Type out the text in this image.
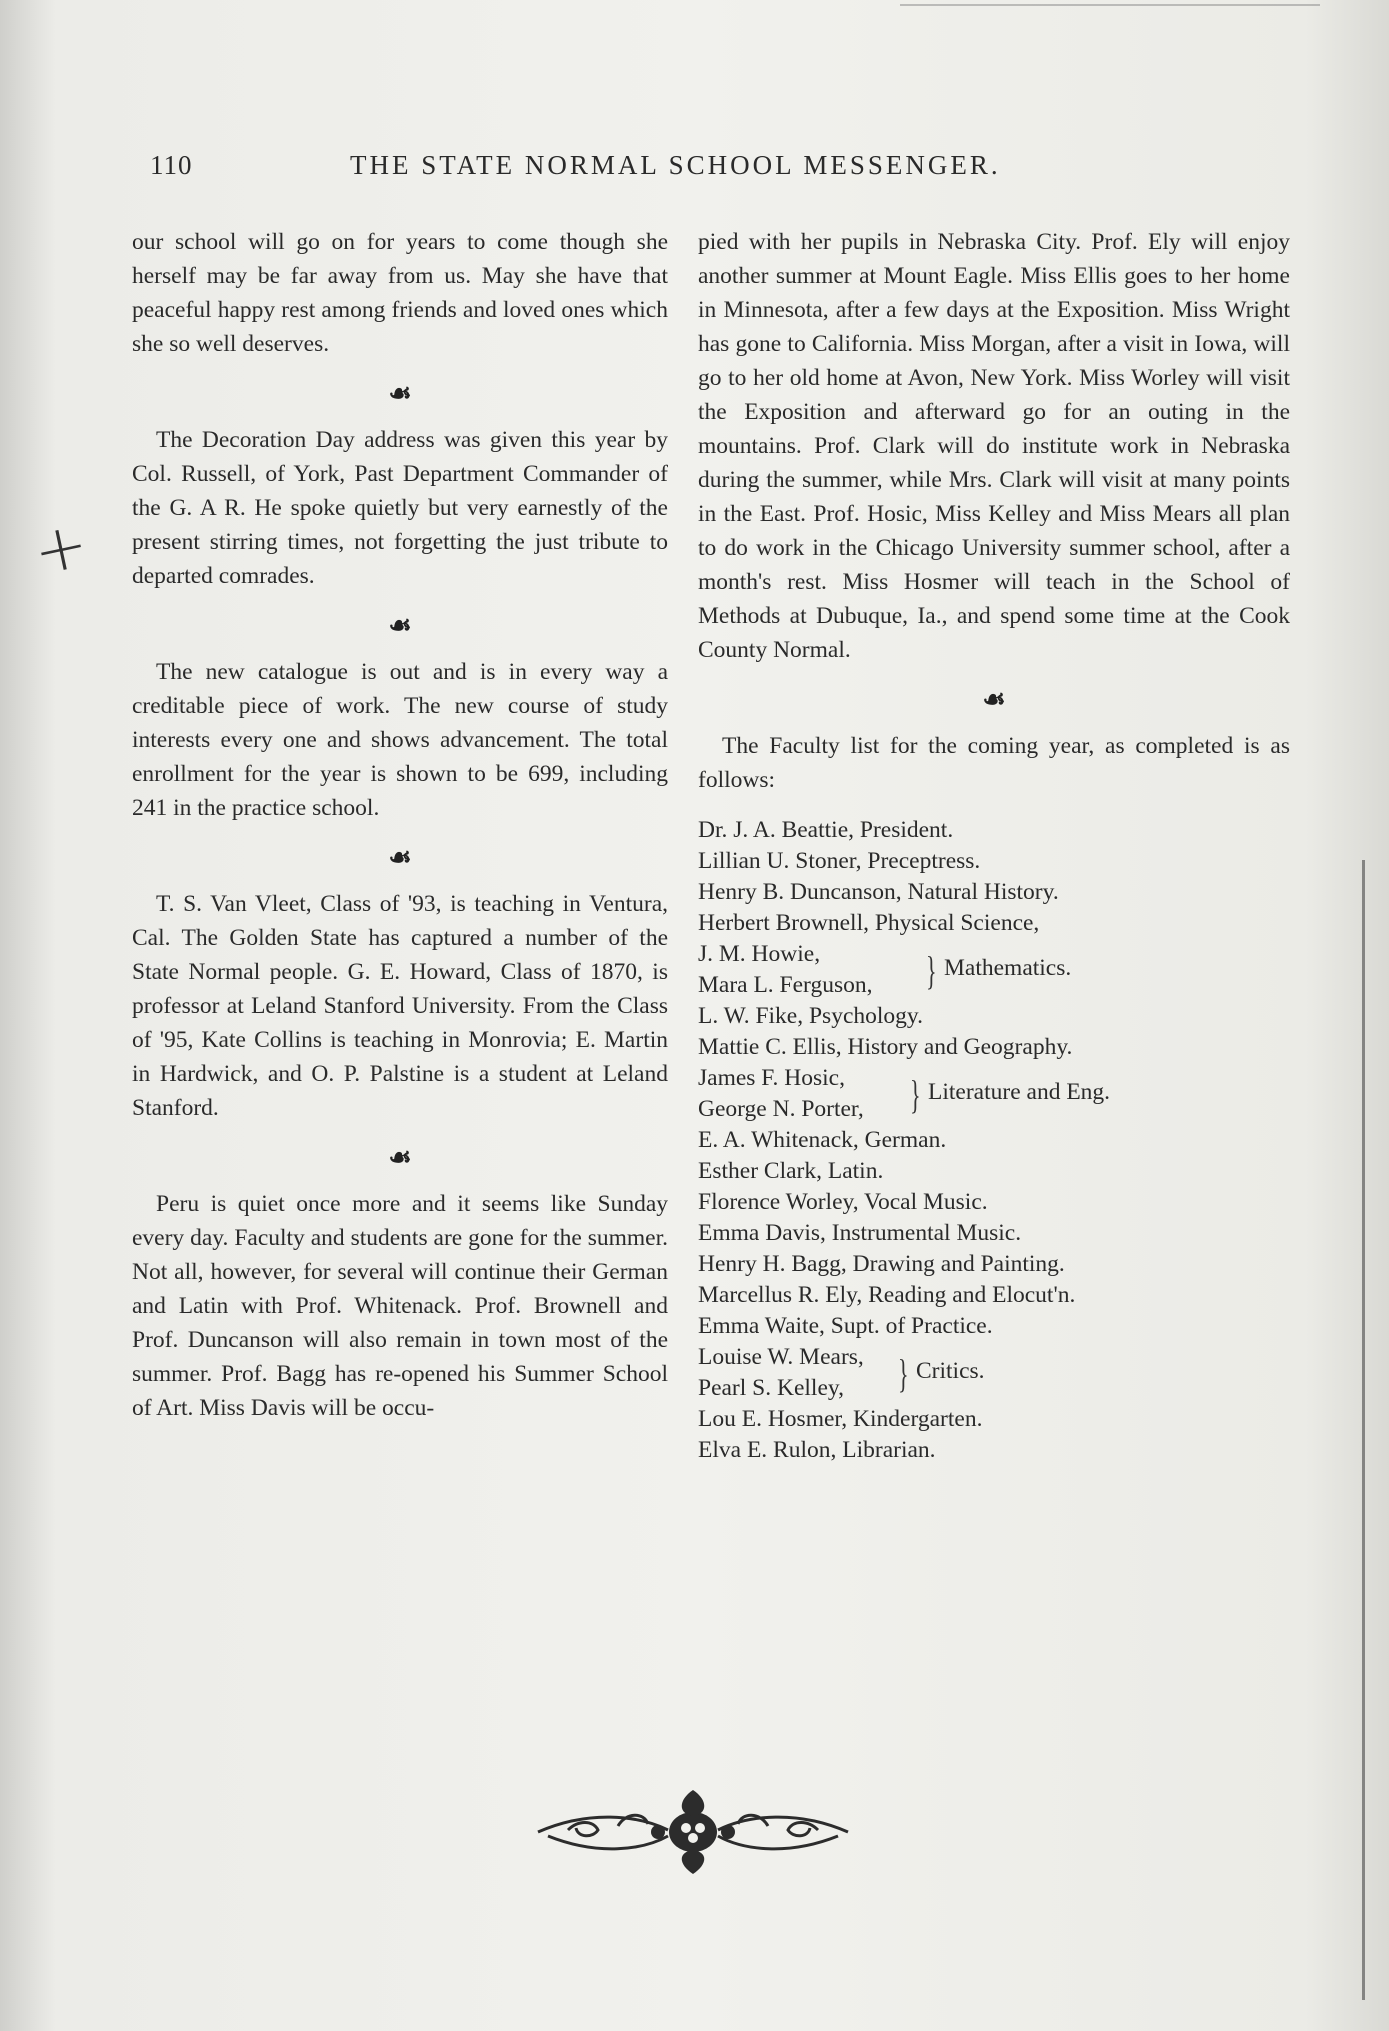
110	THE STATE NORMAL SCHOOL MESSENGER.
+

our school will go on for years to come though she herself may be far away from us. May she have that peaceful happy rest among friends and loved ones which she so well deserves.

☙

The Decoration Day address was given this year by Col. Russell, of York, Past Department Commander of the G. A R. He spoke quietly but very earnestly of the present stirring times, not forgetting the just tribute to departed comrades.

☙

The new catalogue is out and is in every way a creditable piece of work. The new course of study interests every one and shows advancement. The total enrollment for the year is shown to be 699, including 241 in the practice school.

☙

T. S. Van Vleet, Class of '93, is teaching in Ventura, Cal. The Golden State has captured a number of the State Normal people. G. E. Howard, Class of 1870, is professor at Leland Stanford University. From the Class of '95, Kate Collins is teaching in Monrovia; E. Martin in Hardwick, and O. P. Palstine is a student at Leland Stanford.

☙

Peru is quiet once more and it seems like Sunday every day. Faculty and students are gone for the summer. Not all, however, for several will continue their German and Latin with Prof. Whitenack. Prof. Brownell and Prof. Duncanson will also remain in town most of the summer. Prof. Bagg has re-opened his Summer School of Art. Miss Davis will be occu-

pied with her pupils in Nebraska City. Prof. Ely will enjoy another summer at Mount Eagle. Miss Ellis goes to her home in Minnesota, after a few days at the Exposition. Miss Wright has gone to California. Miss Morgan, after a visit in Iowa, will go to her old home at Avon, New York. Miss Worley will visit the Exposition and afterward go for an outing in the mountains. Prof. Clark will do institute work in Nebraska during the summer, while Mrs. Clark will visit at many points in the East. Prof. Hosic, Miss Kelley and Miss Mears all plan to do work in the Chicago University summer school, after a month's rest. Miss Hosmer will teach in the School of Methods at Dubuque, Ia., and spend some time at the Cook County Normal.

☙

The Faculty list for the coming year, as completed is as follows:

Dr. J. A. Beattie, President.
Lillian U. Stoner, Preceptress.
Henry B. Duncanson, Natural History.
Herbert Brownell, Physical Science,
J. M. Howie,
Mara L. Ferguson, } Mathematics.
L. W. Fike, Psychology.
Mattie C. Ellis, History and Geography.
James F. Hosic,
George N. Porter, } Literature and Eng.
E. A. Whitenack, German.
Esther Clark, Latin.
Florence Worley, Vocal Music.
Emma Davis, Instrumental Music.
Henry H. Bagg, Drawing and Painting.
Marcellus R. Ely, Reading and Elocut'n.
Emma Waite, Supt. of Practice.
Louise W. Mears,
Pearl S. Kelley, } Critics.
Lou E. Hosmer, Kindergarten.
Elva E. Rulon, Librarian.
